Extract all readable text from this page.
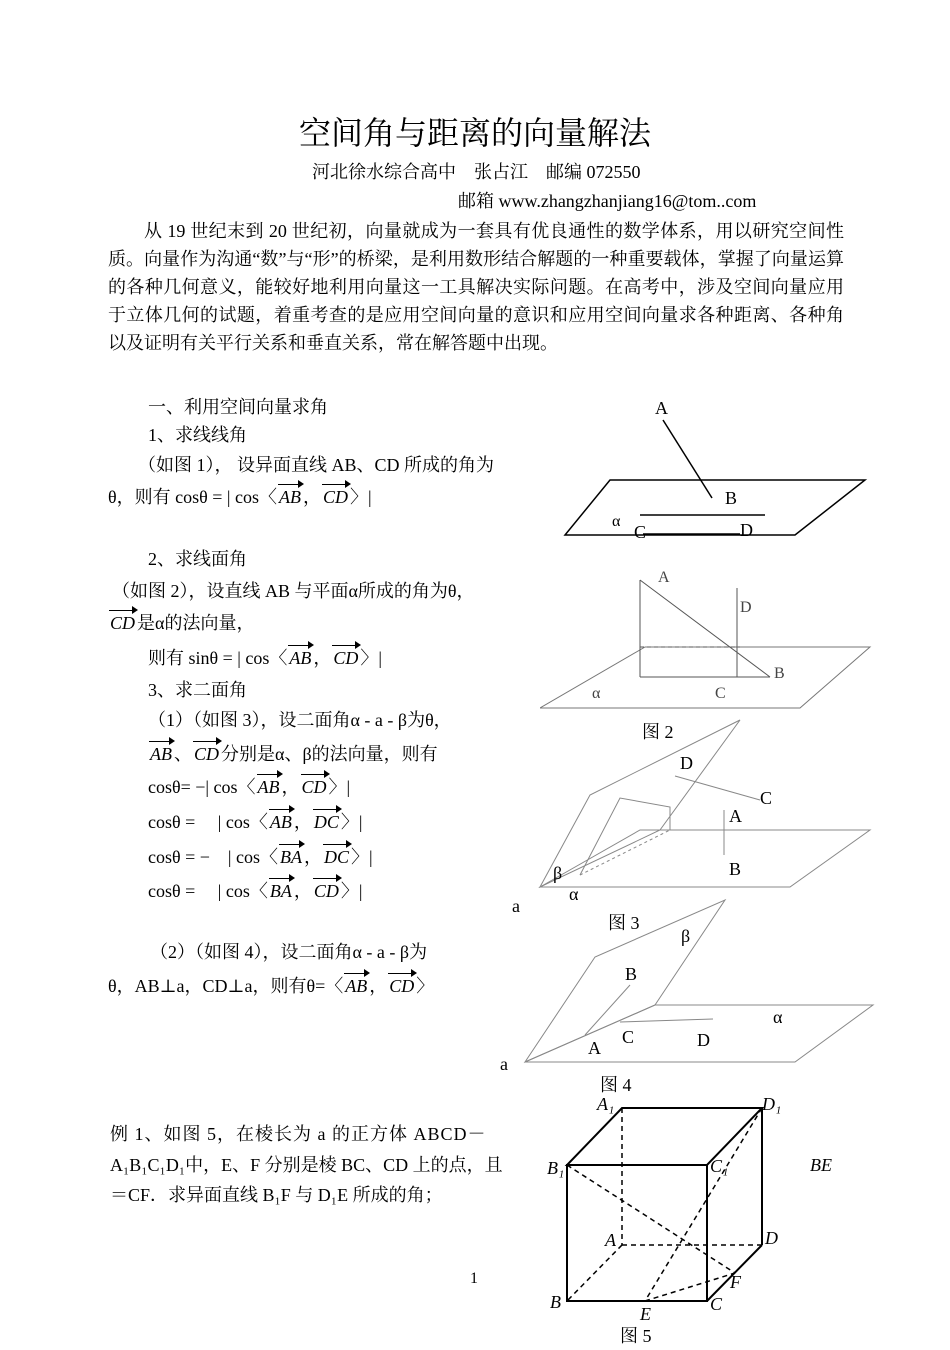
空间角与距离的向量解法
河北徐水综合高中　张占江　邮编 072550
邮箱 www.zhangzhanjiang16@tom..com
从 19 世纪末到 20 世纪初，向量就成为一套具有优良通性的数学体系，用以研究空间性质。向量作为沟通“数”与“形”的桥梁，是利用数形结合解题的一种重要载体，掌握了向量运算的各种几何意义，能较好地利用向量这一工具解决实际问题。在高考中，涉及空间向量应用于立体几何的试题，着重考查的是应用空间向量的意识和应用空间向量求各种距离、各种角以及证明有关平行关系和垂直关系，常在解答题中出现。
一、利用空间向量求角
1、求线线角
（如图 1）， 设异面直线 AB、CD 所成的角为
θ，则有 cosθ = | cos〈 AB ， CD 〉|
2、求线面角
（如图 2），设直线 AB 与平面α所成的角为θ，
CD 是α的法向量，
则有 sinθ = | cos〈 AB ， CD 〉|
3、求二面角
（1）（如图 3），设二面角α - a - β为θ，
AB 、 CD 分别是α、β的法向量，则有
cosθ= −| cos〈 AB ， CD 〉|
cosθ = 　| cos〈 AB ， DC 〉|
cosθ = −　| cos〈 BA ， DC 〉|
cosθ = 　| cos〈 BA ， CD 〉|
（2）（如图 4），设二面角α - a - β为
θ，AB⊥a，CD⊥a，则有θ=〈 AB ， CD 〉
例 1、如图 5，在棱长为 a 的正方体 ABCD－
A₁B₁C₁D₁中，E、F 分别是棱 BC、CD 上的点，且	BE
＝CF．求异面直线 B₁F 与 D₁E 所成的角；
1
A
B
C	D
α
A
D
B
C
α
图 2
D
C
A
B
β
α
a
图 3
β
B
α
C	D
A
a
图 4
A₁	D₁
B₁	C₁
A	D
F
B
E	C
图 5
